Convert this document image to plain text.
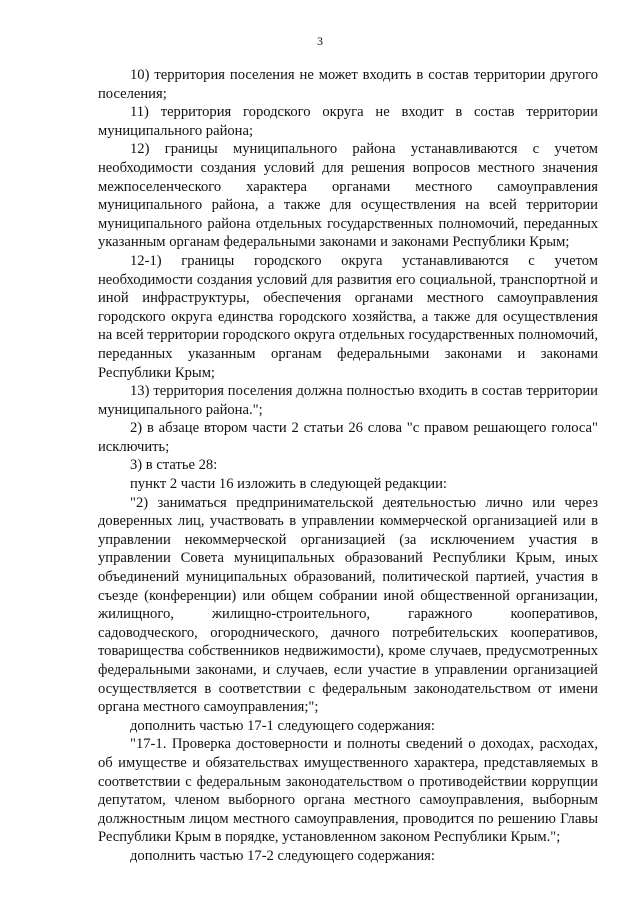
3

10) территория поселения не может входить в состав территории другого поселения;

11) территория городского округа не входит в состав территории муниципального района;

12) границы муниципального района устанавливаются с учетом необходимости создания условий для решения вопросов местного значения межпоселенческого характера органами местного самоуправления муниципального района, а также для осуществления на всей территории муниципального района отдельных государственных полномочий, переданных указанным органам федеральными законами и законами Республики Крым;

12-1) границы городского округа устанавливаются с учетом необходимости создания условий для развития его социальной, транспортной и иной инфраструктуры, обеспечения органами местного самоуправления городского округа единства городского хозяйства, а также для осуществления на всей территории городского округа отдельных государственных полномочий, переданных указанным органам федеральными законами и законами Республики Крым;

13) территория поселения должна полностью входить в состав территории муниципального района.";

2) в абзаце втором части 2 статьи 26 слова "с правом решающего голоса" исключить;

3) в статье 28:

пункт 2 части 16 изложить в следующей редакции:

"2) заниматься предпринимательской деятельностью лично или через доверенных лиц, участвовать в управлении коммерческой организацией или в управлении некоммерческой организацией (за исключением участия в управлении Совета муниципальных образований Республики Крым, иных объединений муниципальных образований, политической партией, участия в съезде (конференции) или общем собрании иной общественной организации, жилищного, жилищно-строительного, гаражного кооперативов, садоводческого, огороднического, дачного потребительских кооперативов, товарищества собственников недвижимости), кроме случаев, предусмотренных федеральными законами, и случаев, если участие в управлении организацией осуществляется в соответствии с федеральным законодательством от имени органа местного самоуправления;";

дополнить частью 17-1 следующего содержания:

"17-1. Проверка достоверности и полноты сведений о доходах, расходах, об имуществе и обязательствах имущественного характера, представляемых в соответствии с федеральным законодательством о противодействии коррупции депутатом, членом выборного органа местного самоуправления, выборным должностным лицом местного самоуправления, проводится по решению Главы Республики Крым в порядке, установленном законом Республики Крым.";

дополнить частью 17-2 следующего содержания:
